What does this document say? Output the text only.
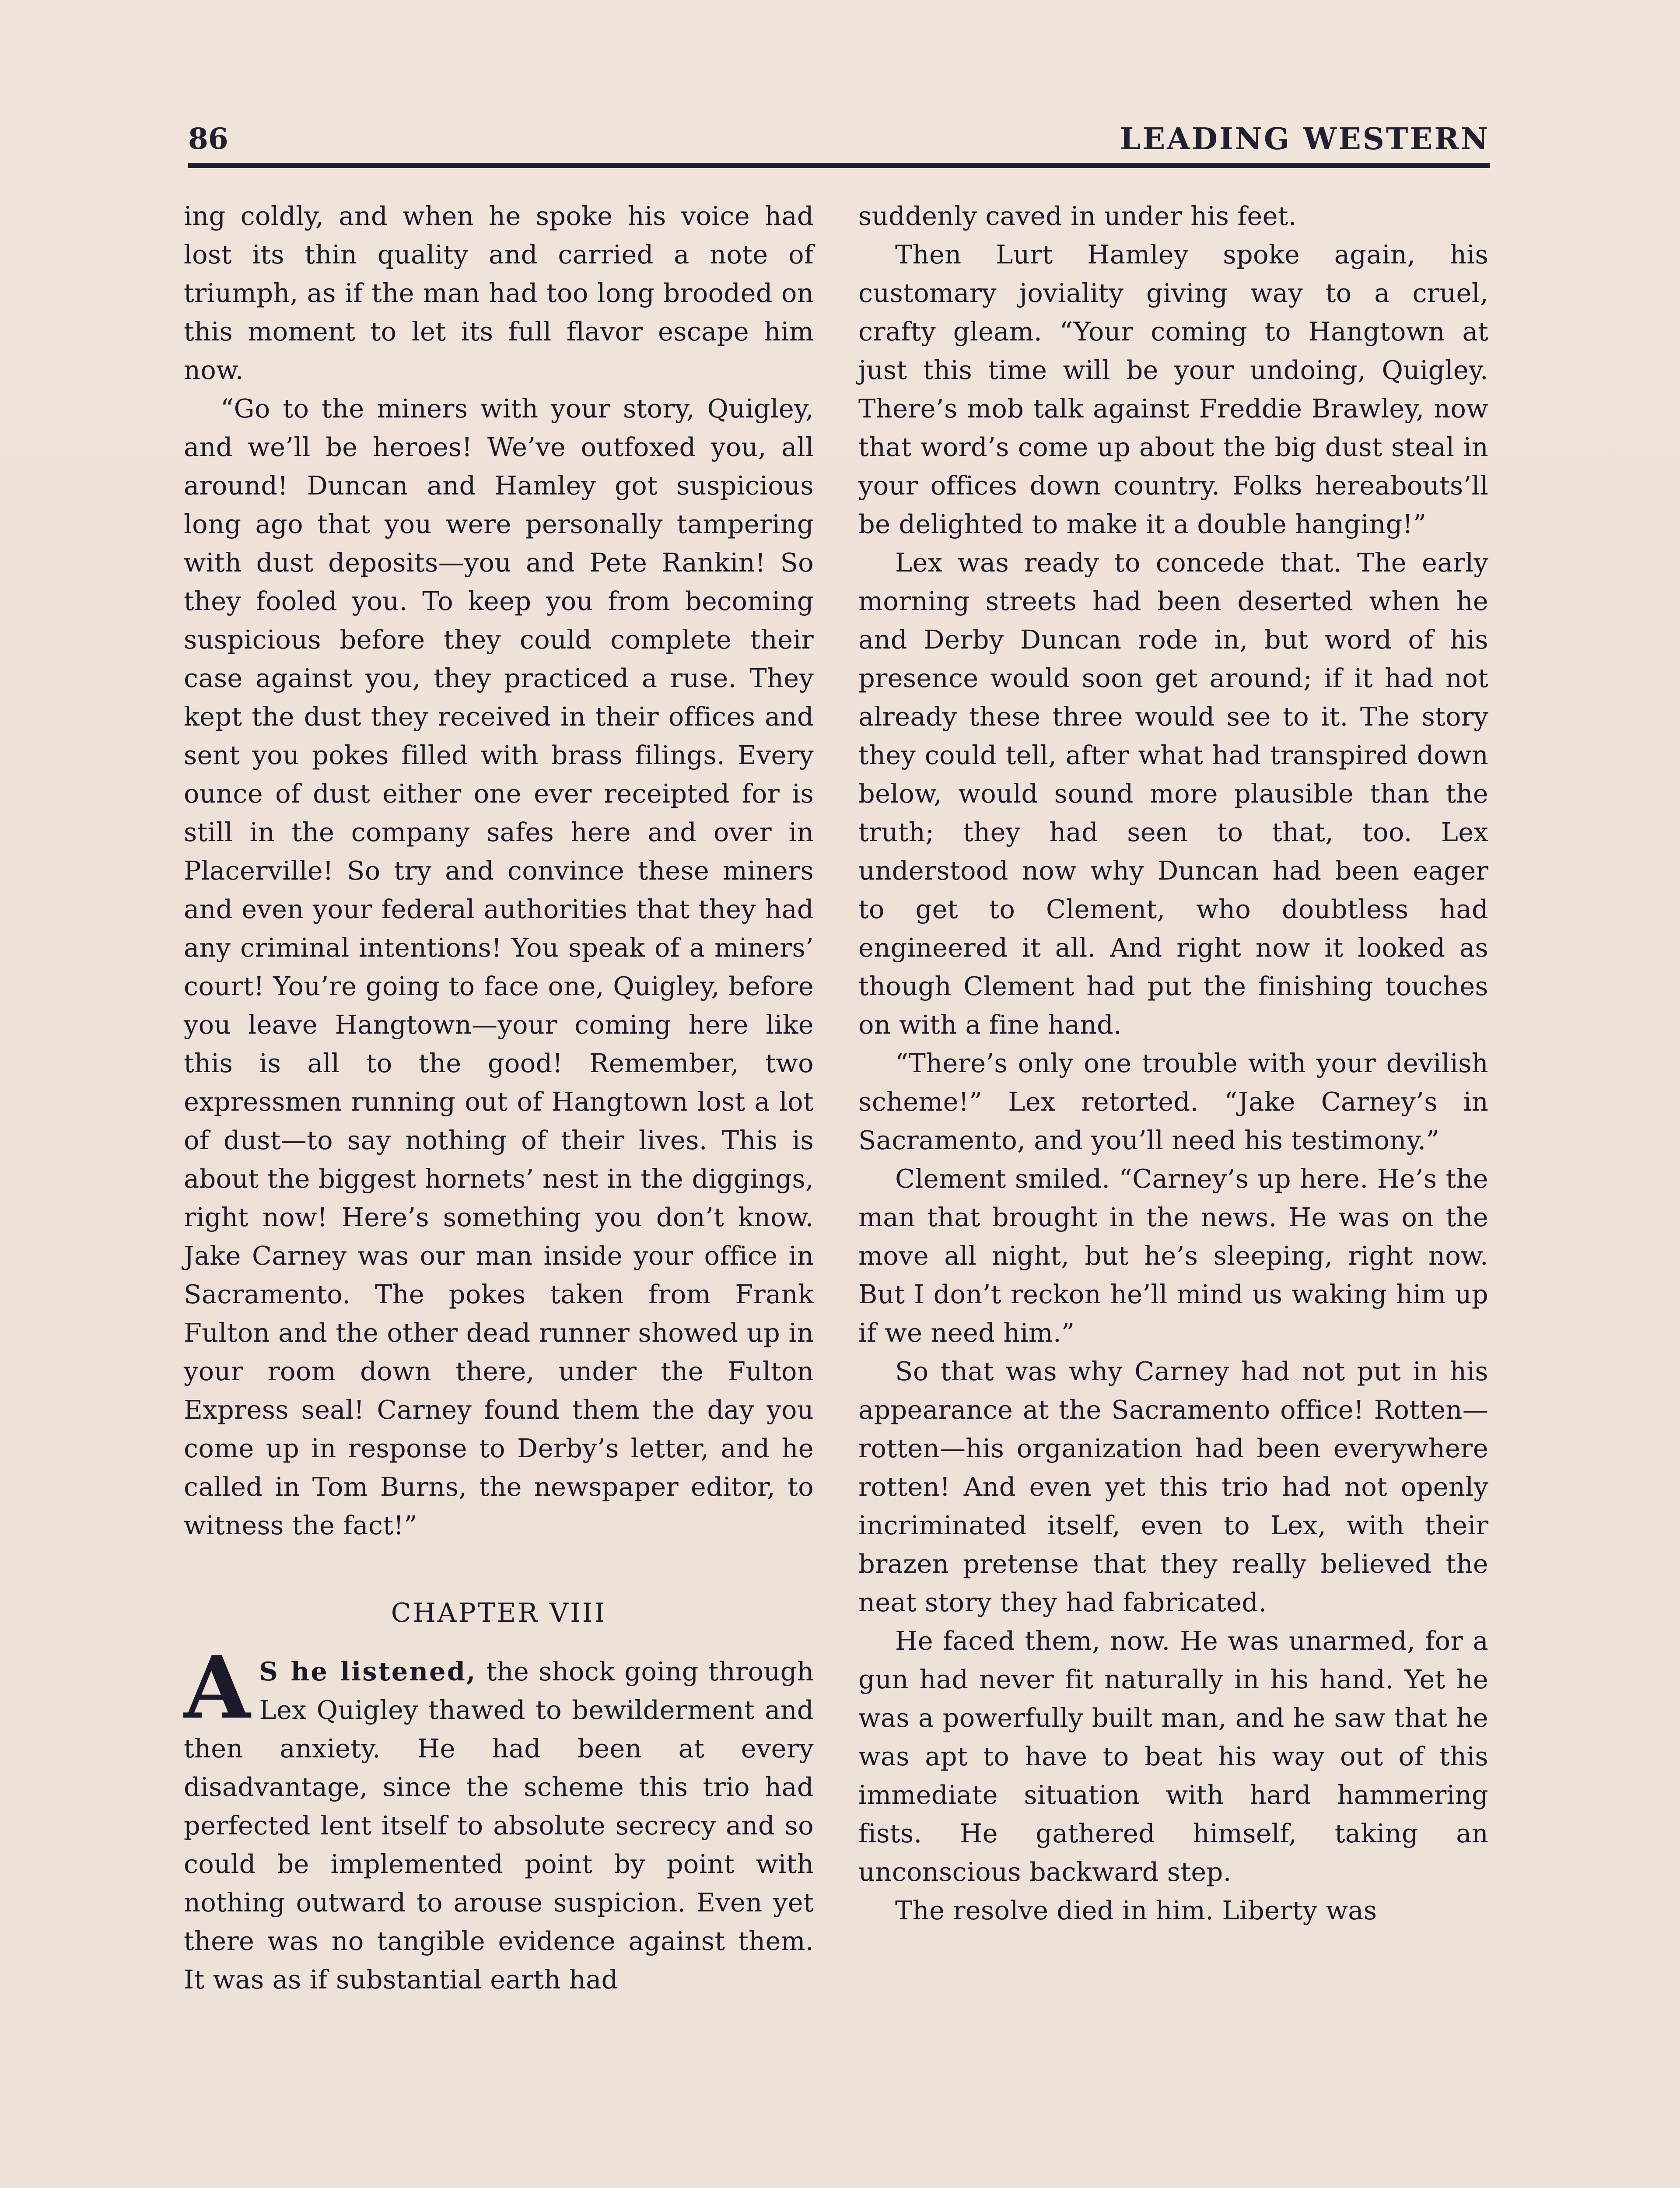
86	LEADING WESTERN

ing coldly, and when he spoke his voice had lost its thin quality and carried a note of triumph, as if the man had too long brooded on this moment to let its full flavor escape him now.

“Go to the miners with your story, Quigley, and we’ll be heroes! We’ve outfoxed you, all around! Duncan and Hamley got suspicious long ago that you were personally tampering with dust deposits—you and Pete Rankin! So they fooled you. To keep you from becoming suspicious before they could complete their case against you, they practiced a ruse. They kept the dust they received in their offices and sent you pokes filled with brass filings. Every ounce of dust either one ever receipted for is still in the company safes here and over in Placerville! So try and convince these miners and even your federal authorities that they had any criminal intentions! You speak of a miners’ court! You’re going to face one, Quigley, before you leave Hangtown—your coming here like this is all to the good! Remember, two expressmen running out of Hangtown lost a lot of dust—to say nothing of their lives. This is about the biggest hornets’ nest in the diggings, right now! Here’s something you don’t know. Jake Carney was our man inside your office in Sacramento. The pokes taken from Frank Fulton and the other dead runner showed up in your room down there, under the Fulton Express seal! Carney found them the day you come up in response to Derby’s letter, and he called in Tom Burns, the newspaper editor, to witness the fact!”

CHAPTER VIII

A S he listened, the shock going through Lex Quigley thawed to bewilderment and then anxiety. He had been at every disadvantage, since the scheme this trio had perfected lent itself to absolute secrecy and so could be implemented point by point with nothing outward to arouse suspicion. Even yet there was no tangible evidence against them. It was as if substantial earth had

suddenly caved in under his feet.

Then Lurt Hamley spoke again, his customary joviality giving way to a cruel, crafty gleam. “Your coming to Hangtown at just this time will be your undoing, Quigley. There’s mob talk against Freddie Brawley, now that word’s come up about the big dust steal in your offices down country. Folks hereabouts’ll be delighted to make it a double hanging!”

Lex was ready to concede that. The early morning streets had been deserted when he and Derby Duncan rode in, but word of his presence would soon get around; if it had not already these three would see to it. The story they could tell, after what had transpired down below, would sound more plausible than the truth; they had seen to that, too. Lex understood now why Duncan had been eager to get to Clement, who doubtless had engineered it all. And right now it looked as though Clement had put the finishing touches on with a fine hand.

“There’s only one trouble with your devilish scheme!” Lex retorted. “Jake Carney’s in Sacramento, and you’ll need his testimony.”

Clement smiled. “Carney’s up here. He’s the man that brought in the news. He was on the move all night, but he’s sleeping, right now. But I don’t reckon he’ll mind us waking him up if we need him.”

So that was why Carney had not put in his appearance at the Sacramento office! Rotten—rotten—his organization had been everywhere rotten! And even yet this trio had not openly incriminated itself, even to Lex, with their brazen pretense that they really believed the neat story they had fabricated.

He faced them, now. He was unarmed, for a gun had never fit naturally in his hand. Yet he was a powerfully built man, and he saw that he was apt to have to beat his way out of this immediate situation with hard hammering fists. He gathered himself, taking an unconscious backward step.

The resolve died in him. Liberty was
